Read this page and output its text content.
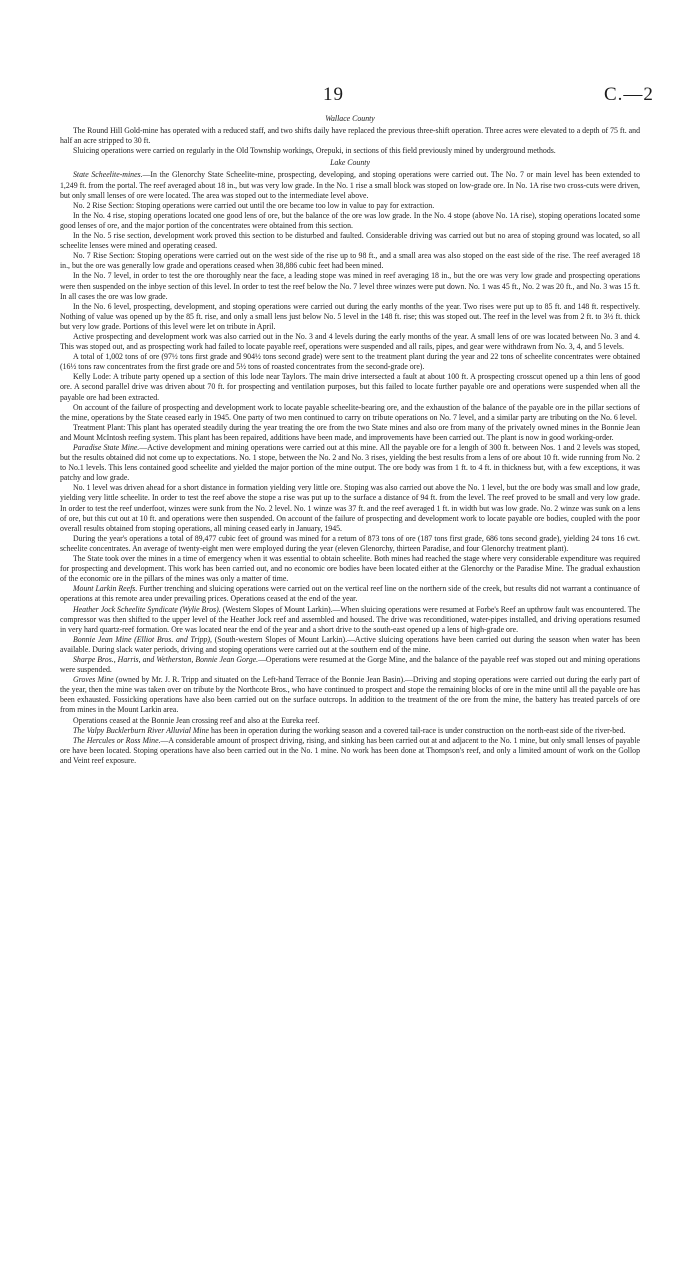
19	C.—2

Wallace County

The Round Hill Gold-mine has operated with a reduced staff, and two shifts daily have replaced the previous three-shift operation. Three acres were elevated to a depth of 75 ft. and half an acre stripped to 30 ft.

Sluicing operations were carried on regularly in the Old Township workings, Orepuki, in sections of this field previously mined by underground methods.

Lake County

State Scheelite-mines.—In the Glenorchy State Scheelite-mine, prospecting, developing, and stoping operations were carried out. The No. 7 or main level has been extended to 1,249 ft. from the portal. The reef averaged about 18 in., but was very low grade. In the No. 1 rise a small block was stoped on low-grade ore. In No. 1A rise two cross-cuts were driven, but only small lenses of ore were located. The area was stoped out to the intermediate level above.

No. 2 Rise Section: Stoping operations were carried out until the ore became too low in value to pay for extraction.

In the No. 4 rise, stoping operations located one good lens of ore, but the balance of the ore was low grade. In the No. 4 stope (above No. 1A rise), stoping operations located some good lenses of ore, and the major portion of the concentrates were obtained from this section.

In the No. 5 rise section, development work proved this section to be disturbed and faulted. Considerable driving was carried out but no area of stoping ground was located, so all scheelite lenses were mined and operating ceased.

No. 7 Rise Section: Stoping operations were carried out on the west side of the rise up to 98 ft., and a small area was also stoped on the east side of the rise. The reef averaged 18 in., but the ore was generally low grade and operations ceased when 38,886 cubic feet had been mined.

In the No. 7 level, in order to test the ore thoroughly near the face, a leading stope was mined in reef averaging 18 in., but the ore was very low grade and prospecting operations were then suspended on the inbye section of this level. In order to test the reef below the No. 7 level three winzes were put down. No. 1 was 45 ft., No. 2 was 20 ft., and No. 3 was 15 ft. In all cases the ore was low grade.

In the No. 6 level, prospecting, development, and stoping operations were carried out during the early months of the year. Two rises were put up to 85 ft. and 148 ft. respectively. Nothing of value was opened up by the 85 ft. rise, and only a small lens just below No. 5 level in the 148 ft. rise; this was stoped out. The reef in the level was from 2 ft. to 3½ ft. thick but very low grade. Portions of this level were let on tribute in April.

Active prospecting and development work was also carried out in the No. 3 and 4 levels during the early months of the year. A small lens of ore was located between No. 3 and 4. This was stoped out, and as prospecting work had failed to locate payable reef, operations were suspended and all rails, pipes, and gear were withdrawn from No. 3, 4, and 5 levels.

A total of 1,002 tons of ore (97½ tons first grade and 904½ tons second grade) were sent to the treatment plant during the year and 22 tons of scheelite concentrates were obtained (16½ tons raw concentrates from the first grade ore and 5½ tons of roasted concentrates from the second-grade ore).

Kelly Lode: A tribute party opened up a section of this lode near Taylors. The main drive intersected a fault at about 100 ft. A prospecting crosscut opened up a thin lens of good ore. A second parallel drive was driven about 70 ft. for prospecting and ventilation purposes, but this failed to locate further payable ore and operations were suspended when all the payable ore had been extracted.

On account of the failure of prospecting and development work to locate payable scheelite-bearing ore, and the exhaustion of the balance of the payable ore in the pillar sections of the mine, operations by the State ceased early in 1945. One party of two men continued to carry on tribute operations on No. 7 level, and a similar party are tributing on the No. 6 level.

Treatment Plant: This plant has operated steadily during the year treating the ore from the two State mines and also ore from many of the privately owned mines in the Bonnie Jean and Mount McIntosh reefing system. This plant has been repaired, additions have been made, and improvements have been carried out. The plant is now in good working-order.

Paradise State Mine.—Active development and mining operations were carried out at this mine. All the payable ore for a length of 300 ft. between Nos. 1 and 2 levels was stoped, but the results obtained did not come up to expectations. No. 1 stope, between the No. 2 and No. 3 rises, yielding the best results from a lens of ore about 10 ft. wide running from No. 2 to No.1 levels. This lens contained good scheelite and yielded the major portion of the mine output. The ore body was from 1 ft. to 4 ft. in thickness but, with a few exceptions, it was patchy and low grade.

No. 1 level was driven ahead for a short distance in formation yielding very little ore. Stoping was also carried out above the No. 1 level, but the ore body was small and low grade, yielding very little scheelite. In order to test the reef above the stope a rise was put up to the surface a distance of 94 ft. from the level. The reef proved to be small and very low grade. In order to test the reef underfoot, winzes were sunk from the No. 2 level. No. 1 winze was 37 ft. and the reef averaged 1 ft. in width but was low grade. No. 2 winze was sunk on a lens of ore, but this cut out at 10 ft. and operations were then suspended. On account of the failure of prospecting and development work to locate payable ore bodies, coupled with the poor overall results obtained from stoping operations, all mining ceased early in January, 1945.

During the year's operations a total of 89,477 cubic feet of ground was mined for a return of 873 tons of ore (187 tons first grade, 686 tons second grade), yielding 24 tons 16 cwt. scheelite concentrates. An average of twenty-eight men were employed during the year (eleven Glenorchy, thirteen Paradise, and four Glenorchy treatment plant).

The State took over the mines in a time of emergency when it was essential to obtain scheelite. Both mines had reached the stage where very considerable expenditure was required for prospecting and development. This work has been carried out, and no economic ore bodies have been located either at the Glenorchy or the Paradise Mine. The gradual exhaustion of the economic ore in the pillars of the mines was only a matter of time.

Mount Larkin Reefs. Further trenching and sluicing operations were carried out on the vertical reef line on the northern side of the creek, but results did not warrant a continuance of operations at this remote area under prevailing prices. Operations ceased at the end of the year.

Heather Jock Scheelite Syndicate (Wylie Bros). (Western Slopes of Mount Larkin).—When sluicing operations were resumed at Forbe's Reef an upthrow fault was encountered. The compressor was then shifted to the upper level of the Heather Jock reef and assembled and housed. The drive was reconditioned, water-pipes installed, and driving operations resumed in very hard quartz-reef formation. Ore was located near the end of the year and a short drive to the south-east opened up a lens of high-grade ore.

Bonnie Jean Mine (Elliot Bros. and Tripp), (South-western Slopes of Mount Larkin).—Active sluicing operations have been carried out during the season when water has been available. During slack water periods, driving and stoping operations were carried out at the southern end of the mine.

Sharpe Bros., Harris, and Wetherston, Bonnie Jean Gorge.—Operations were resumed at the Gorge Mine, and the balance of the payable reef was stoped out and mining operations were suspended.

Groves Mine (owned by Mr. J. R. Tripp and situated on the Left-hand Terrace of the Bonnie Jean Basin).—Driving and stoping operations were carried out during the early part of the year, then the mine was taken over on tribute by the Northcote Bros., who have continued to prospect and stope the remaining blocks of ore in the mine until all the payable ore has been exhausted. Fossicking operations have also been carried out on the surface outcrops. In addition to the treatment of the ore from the mine, the battery has treated parcels of ore from mines in the Mount Larkin area.

Operations ceased at the Bonnie Jean crossing reef and also at the Eureka reef.

The Valpy Bucklerburn River Alluvial Mine has been in operation during the working season and a covered tail-race is under construction on the north-east side of the river-bed.

The Hercules or Ross Mine.—A considerable amount of prospect driving, rising, and sinking has been carried out at and adjacent to the No. 1 mine, but only small lenses of payable ore have been located. Stoping operations have also been carried out in the No. 1 mine. No work has been done at Thompson's reef, and only a limited amount of work on the Gollop and Veint reef exposure.
